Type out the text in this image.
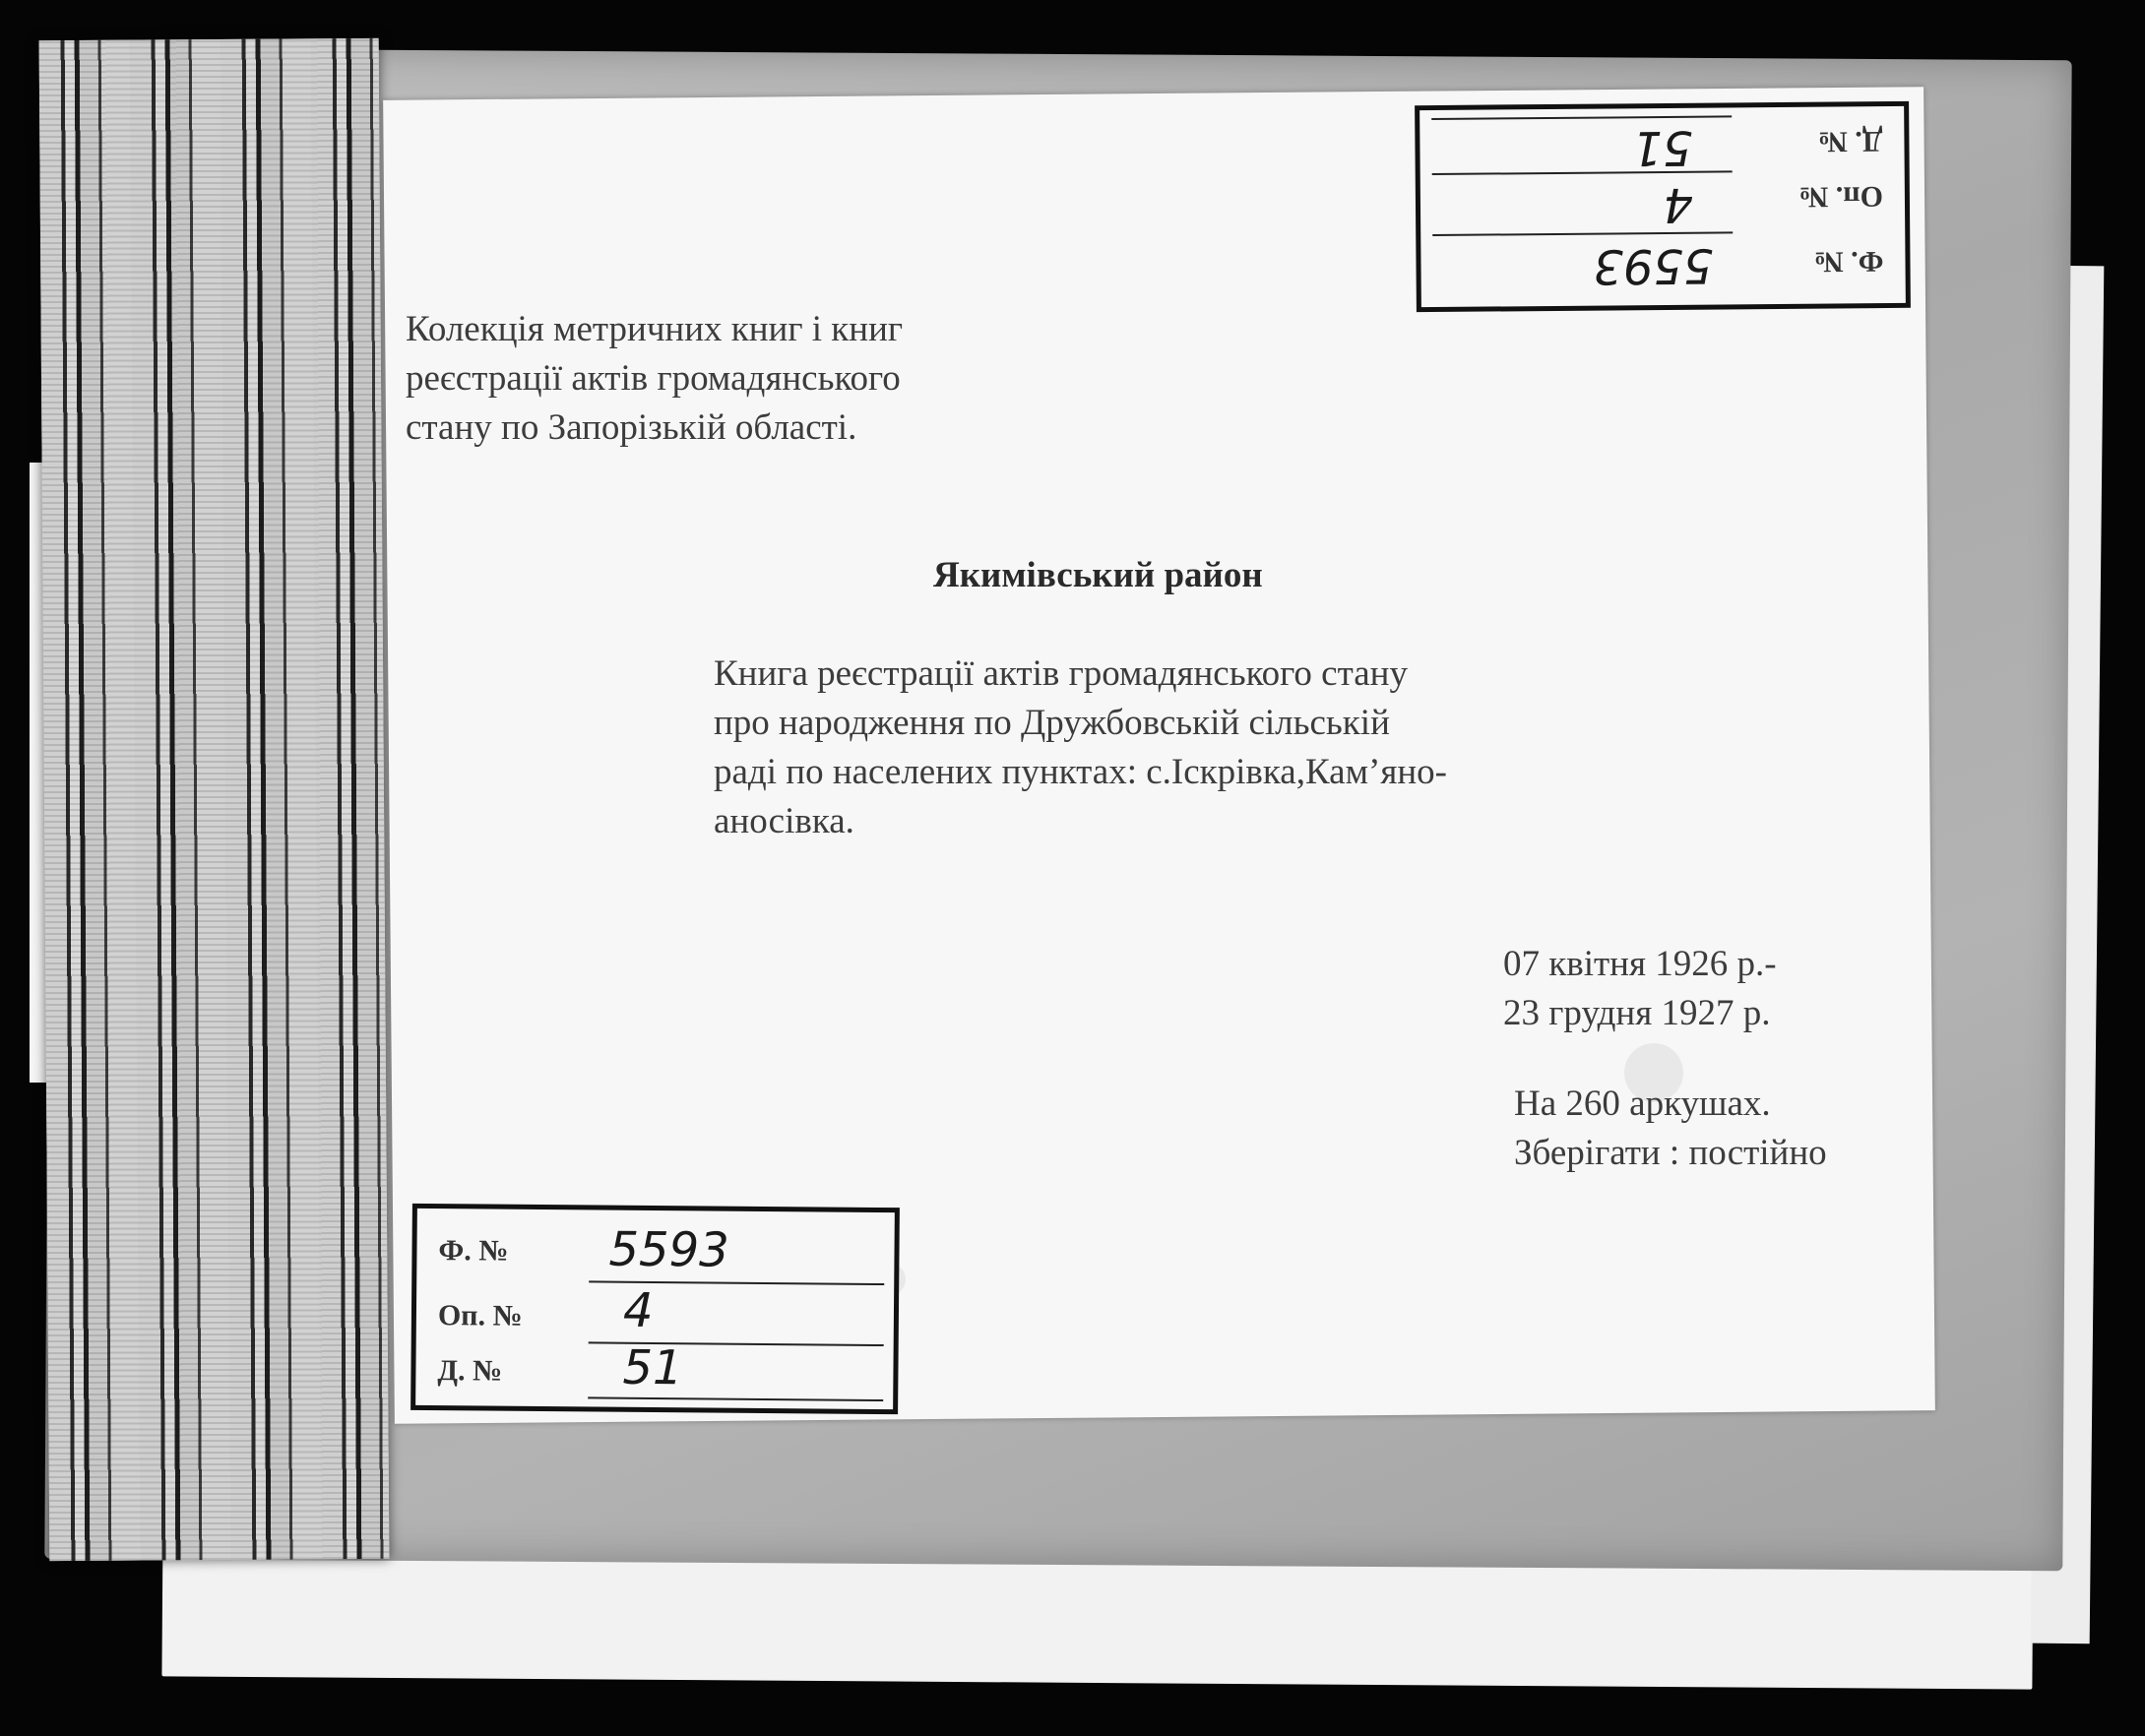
Колекція метричних книг і книг
реєстрації актів громадянського
стану по Запорізькій області.
Якимівський район
Книга реєстрації актів громадянського стану
про народження по Дружбовській сільській
раді по населених пунктах: с.Іскрівка,Кам’яно-
аносівка.
07 квітня 1926 р.-
23 грудня 1927 р.
На 260 аркушах.
Зберігати : постійно
Ф. № 5593
Оп. № 4
Д. №	51
Ф. №
5593
Оп. №
4
Д. №
51
